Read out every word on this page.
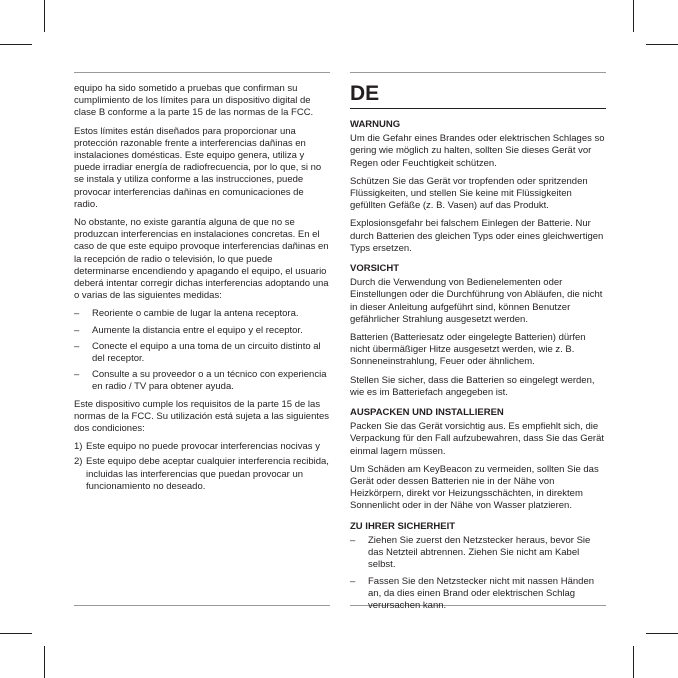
equipo ha sido sometido a pruebas que confirman su cumplimiento de los límites para un dispositivo digital de clase B conforme a la parte 15 de las normas de la FCC.

Estos límites están diseñados para proporcionar una protección razonable frente a interferencias dañinas en instalaciones domésticas. Este equipo genera, utiliza y puede irradiar energía de radiofrecuencia, por lo que, si no se instala y utiliza conforme a las instrucciones, puede provocar interferencias dañinas en comunicaciones de radio.

No obstante, no existe garantía alguna de que no se produzcan interferencias en instalaciones concretas. En el caso de que este equipo provoque interferencias dañinas en la recepción de radio o televisión, lo que puede determinarse encendiendo y apagando el equipo, el usuario deberá intentar corregir dichas interferencias adoptando una o varias de las siguientes medidas:

– Reoriente o cambie de lugar la antena receptora.
– Aumente la distancia entre el equipo y el receptor.
– Conecte el equipo a una toma de un circuito distinto al del receptor.
– Consulte a su proveedor o a un técnico con experiencia en radio / TV para obtener ayuda.

Este dispositivo cumple los requisitos de la parte 15 de las normas de la FCC. Su utilización está sujeta a las siguientes dos condiciones:

1) Este equipo no puede provocar interferencias nocivas y
2) Este equipo debe aceptar cualquier interferencia recibida, incluidas las interferencias que puedan provocar un funcionamiento no deseado.
DE
WARNUNG

Um die Gefahr eines Brandes oder elektrischen Schlages so gering wie möglich zu halten, sollten Sie dieses Gerät vor Regen oder Feuchtigkeit schützen.

Schützen Sie das Gerät vor tropfenden oder spritzenden Flüssigkeiten, und stellen Sie keine mit Flüssigkeiten gefüllten Gefäße (z. B. Vasen) auf das Produkt.

Explosionsgefahr bei falschem Einlegen der Batterie. Nur durch Batterien des gleichen Typs oder eines gleichwertigen Typs ersetzen.

VORSICHT

Durch die Verwendung von Bedienelementen oder Einstellungen oder die Durchführung von Abläufen, die nicht in dieser Anleitung aufgeführt sind, können Benutzer gefährlicher Strahlung ausgesetzt werden.

Batterien (Batteriesatz oder eingelegte Batterien) dürfen nicht übermäßiger Hitze ausgesetzt werden, wie z. B. Sonneneinstrahlung, Feuer oder ähnlichem.

Stellen Sie sicher, dass die Batterien so eingelegt werden, wie es im Batteriefach angegeben ist.

AUSPACKEN UND INSTALLIEREN

Packen Sie das Gerät vorsichtig aus. Es empfiehlt sich, die Verpackung für den Fall aufzubewahren, dass Sie das Gerät einmal lagern müssen.

Um Schäden am KeyBeacon zu vermeiden, sollten Sie das Gerät oder dessen Batterien nie in der Nähe von Heizkörpern, direkt vor Heizungsschächten, in direktem Sonnenlicht oder in der Nähe von Wasser platzieren.

ZU IHRER SICHERHEIT
– Ziehen Sie zuerst den Netzstecker heraus, bevor Sie das Netzteil abtrennen. Ziehen Sie nicht am Kabel selbst.
– Fassen Sie den Netzstecker nicht mit nassen Händen an, da dies einen Brand oder elektrischen Schlag verursachen kann.
